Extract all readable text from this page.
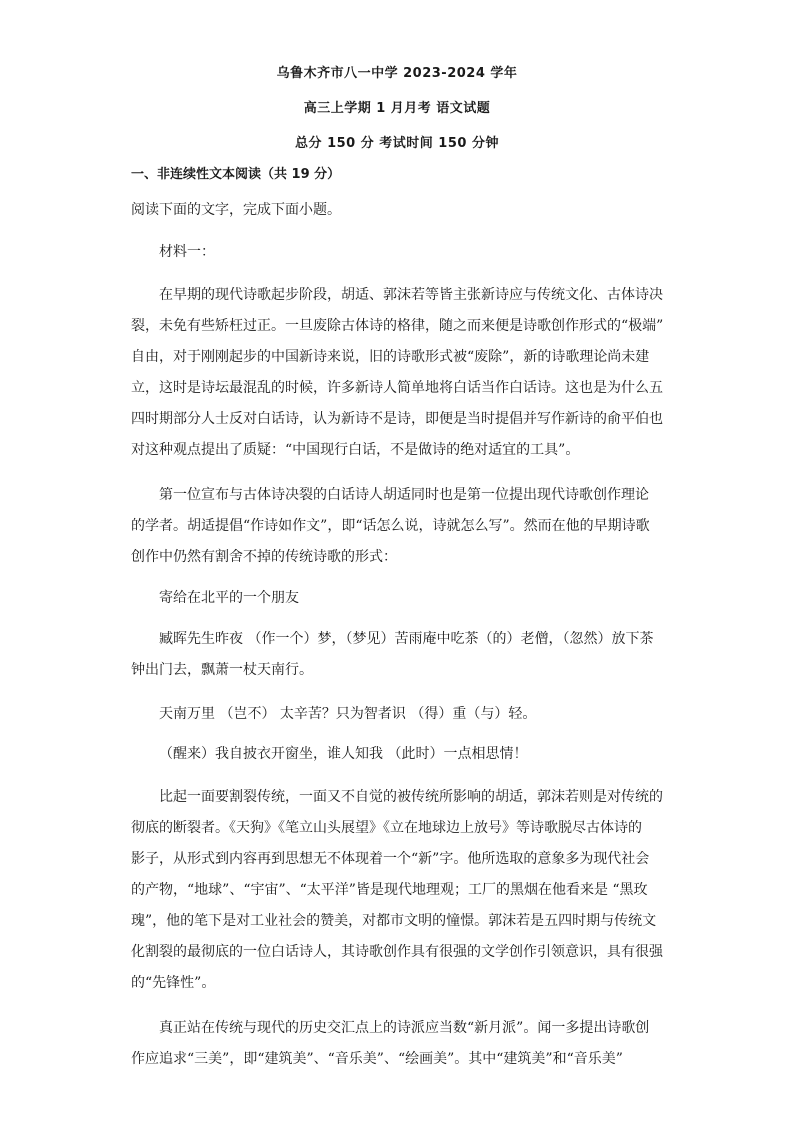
乌鲁木齐市八一中学 2023-2024 学年
高三上学期 1 月月考 语文试题
总分 150 分 考试时间 150 分钟
一、非连续性文本阅读（共 19 分）
阅读下面的文字，完成下面小题。
材料一：
在早期的现代诗歌起步阶段，胡适、郭沫若等皆主张新诗应与传统文化、古体诗决
裂，未免有些矫枉过正。一旦废除古体诗的格律，随之而来便是诗歌创作形式的“极端”
自由，对于刚刚起步的中国新诗来说，旧的诗歌形式被“废除”，新的诗歌理论尚未建
立，这时是诗坛最混乱的时候，许多新诗人简单地将白话当作白话诗。这也是为什么五
四时期部分人士反对白话诗，认为新诗不是诗，即便是当时提倡并写作新诗的俞平伯也
对这种观点提出了质疑：“中国现行白话，不是做诗的绝对适宜的工具”。
第一位宣布与古体诗决裂的白话诗人胡适同时也是第一位提出现代诗歌创作理论
的学者。胡适提倡“作诗如作文”，即“话怎么说，诗就怎么写”。然而在他的早期诗歌
创作中仍然有割舍不掉的传统诗歌的形式：
寄给在北平的一个朋友
臧晖先生昨夜 （作一个）梦，（梦见）苦雨庵中吃茶（的）老僧，（忽然）放下茶
钟出门去，飘萧一杖天南行。
天南万里 （岂不） 太辛苦？只为智者识 （得）重（与）轻。
（醒来）我自披衣开窗坐，谁人知我 （此时）一点相思情！
比起一面要割裂传统，一面又不自觉的被传统所影响的胡适，郭沫若则是对传统的
彻底的断裂者。《天狗》《笔立山头展望》《立在地球边上放号》等诗歌脱尽古体诗的
影子，从形式到内容再到思想无不体现着一个“新”字。他所选取的意象多为现代社会
的产物，“地球”、“宇宙”、“太平洋”皆是现代地理观；工厂的黑烟在他看来是 “黑玫
瑰”，他的笔下是对工业社会的赞美，对都市文明的憧憬。郭沫若是五四时期与传统文
化割裂的最彻底的一位白话诗人，其诗歌创作具有很强的文学创作引领意识，具有很强
的“先锋性”。
真正站在传统与现代的历史交汇点上的诗派应当数“新月派”。闻一多提出诗歌创
作应追求“三美”，即“建筑美”、“音乐美”、“绘画美”。其中“建筑美”和“音乐美”
